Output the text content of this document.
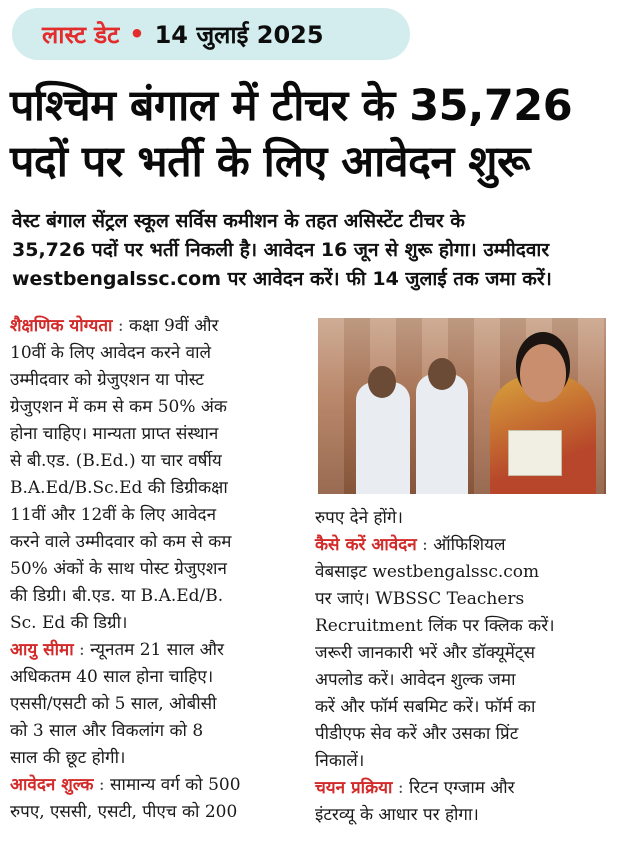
लास्ट डेट • 14 जुलाई 2025
पश्चिम बंगाल में टीचर के 35,726
पदों पर भर्ती के लिए आवेदन शुरू
वेस्ट बंगाल सेंट्रल स्कूल सर्विस कमीशन के तहत असिस्टेंट टीचर के
35,726 पदों पर भर्ती निकली है। आवेदन 16 जून से शुरू होगा। उम्मीदवार
westbengalssc.com पर आवेदन करें। फी 14 जुलाई तक जमा करें।
शैक्षणिक योग्यता : कक्षा 9वीं और
10वीं के लिए आवेदन करने वाले
उम्मीदवार को ग्रेजुएशन या पोस्ट
ग्रेजुएशन में कम से कम 50% अंक
होना चाहिए। मान्यता प्राप्त संस्थान
से बी.एड. (B.Ed.) या चार वर्षीय
B.A.Ed/B.Sc.Ed की डिग्रीकक्षा
11वीं और 12वीं के लिए आवेदन
करने वाले उम्मीदवार को कम से कम
50% अंकों के साथ पोस्ट ग्रेजुएशन
की डिग्री। बी.एड. या B.A.Ed/B.
Sc. Ed की डिग्री।
आयु सीमा : न्यूनतम 21 साल और
अधिकतम 40 साल होना चाहिए।
एससी/एसटी को 5 साल, ओबीसी
को 3 साल और विकलांग को 8
साल की छूट होगी।
आवेदन शुल्क : सामान्य वर्ग को 500
रुपए, एससी, एसटी, पीएच को 200
रुपए देने होंगे।
कैसे करें आवेदन : ऑफिशियल
वेबसाइट westbengalssc.com
पर जाएं। WBSSC Teachers
Recruitment लिंक पर क्लिक करें।
जरूरी जानकारी भरें और डॉक्यूमेंट्स
अपलोड करें। आवेदन शुल्क जमा
करें और फॉर्म सबमिट करें। फॉर्म का
पीडीएफ सेव करें और उसका प्रिंट
निकालें।
चयन प्रक्रिया : रिटन एग्जाम और
इंटरव्यू के आधार पर होगा।
